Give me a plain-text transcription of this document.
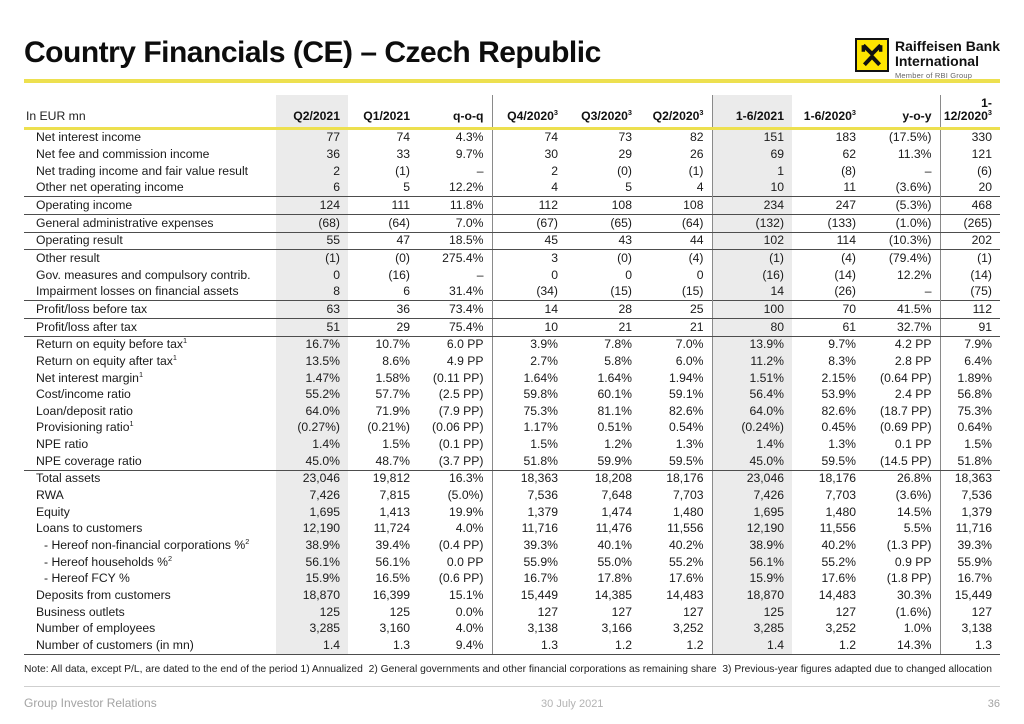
Country Financials (CE) – Czech Republic	Raiffeisen Bank
International
Member of RBI Group
In EUR mn	Q2/2021	Q1/2021	q-o-q	Q4/2020$^3$	Q3/2020$^3$	Q2/2020$^3$	1-6/2021	1-6/2020$^3$	y-o-y	1-12/2020$^3$
Net interest income	77	74	4.3%	74	73	82	151	183	(17.5%)	330
Net fee and commission income	36	33	9.7%	30	29	26	69	62	11.3%	121
Net trading income and fair value result	2	(1)	–	2	(0)	(1)	1	(8)	–	(6)
Other net operating income	6	5	12.2%	4	5	4	10	11	(3.6%)	20
Operating income	124	111	11.8%	112	108	108	234	247	(5.3%)	468
General administrative expenses	(68)	(64)	7.0%	(67)	(65)	(64)	(132)	(133)	(1.0%)	(265)
Operating result	55	47	18.5%	45	43	44	102	114	(10.3%)	202
Other result	(1)	(0)	275.4%	3	(0)	(4)	(1)	(4)	(79.4%)	(1)
Gov. measures and compulsory contrib.	0	(16)	–	0	0	0	(16)	(14)	12.2%	(14)
Impairment losses on financial assets	8	6	31.4%	(34)	(15)	(15)	14	(26)	–	(75)
Profit/loss before tax	63	36	73.4%	14	28	25	100	70	41.5%	112
Profit/loss after tax	51	29	75.4%	10	21	21	80	61	32.7%	91
Return on equity before tax$^1$	16.7%	10.7%	6.0 PP	3.9%	7.8%	7.0%	13.9%	9.7%	4.2 PP	7.9%
Return on equity after tax$^1$	13.5%	8.6%	4.9 PP	2.7%	5.8%	6.0%	11.2%	8.3%	2.8 PP	6.4%
Net interest margin$^1$	1.47%	1.58%	(0.11 PP)	1.64%	1.64%	1.94%	1.51%	2.15%	(0.64 PP)	1.89%
Cost/income ratio	55.2%	57.7%	(2.5 PP)	59.8%	60.1%	59.1%	56.4%	53.9%	2.4 PP	56.8%
Loan/deposit ratio	64.0%	71.9%	(7.9 PP)	75.3%	81.1%	82.6%	64.0%	82.6%	(18.7 PP)	75.3%
Provisioning ratio$^1$	(0.27%)	(0.21%)	(0.06 PP)	1.17%	0.51%	0.54%	(0.24%)	0.45%	(0.69 PP)	0.64%
NPE ratio	1.4%	1.5%	(0.1 PP)	1.5%	1.2%	1.3%	1.4%	1.3%	0.1 PP	1.5%
NPE coverage ratio	45.0%	48.7%	(3.7 PP)	51.8%	59.9%	59.5%	45.0%	59.5%	(14.5 PP)	51.8%
Total assets	23,046	19,812	16.3%	18,363	18,208	18,176	23,046	18,176	26.8%	18,363
RWA	7,426	7,815	(5.0%)	7,536	7,648	7,703	7,426	7,703	(3.6%)	7,536
Equity	1,695	1,413	19.9%	1,379	1,474	1,480	1,695	1,480	14.5%	1,379
Loans to customers	12,190	11,724	4.0%	11,716	11,476	11,556	12,190	11,556	5.5%	11,716
- Hereof non-financial corporations %$^2$	38.9%	39.4%	(0.4 PP)	39.3%	40.1%	40.2%	38.9%	40.2%	(1.3 PP)	39.3%
- Hereof households %$^2$	56.1%	56.1%	0.0 PP	55.9%	55.0%	55.2%	56.1%	55.2%	0.9 PP	55.9%
- Hereof FCY %	15.9%	16.5%	(0.6 PP)	16.7%	17.8%	17.6%	15.9%	17.6%	(1.8 PP)	16.7%
Deposits from customers	18,870	16,399	15.1%	15,449	14,385	14,483	18,870	14,483	30.3%	15,449
Business outlets	125	125	0.0%	127	127	127	125	127	(1.6%)	127
Number of employees	3,285	3,160	4.0%	3,138	3,166	3,252	3,285	3,252	1.0%	3,138
Number of customers (in mn)	1.4	1.3	9.4%	1.3	1.2	1.2	1.4	1.2	14.3%	1.3
Note: All data, except P/L, are dated to the end of the period 1) Annualized  2) General governments and other financial corporations as remaining share  3) Previous-year figures adapted due to changed allocation
Group Investor Relations	30 July 2021	36
